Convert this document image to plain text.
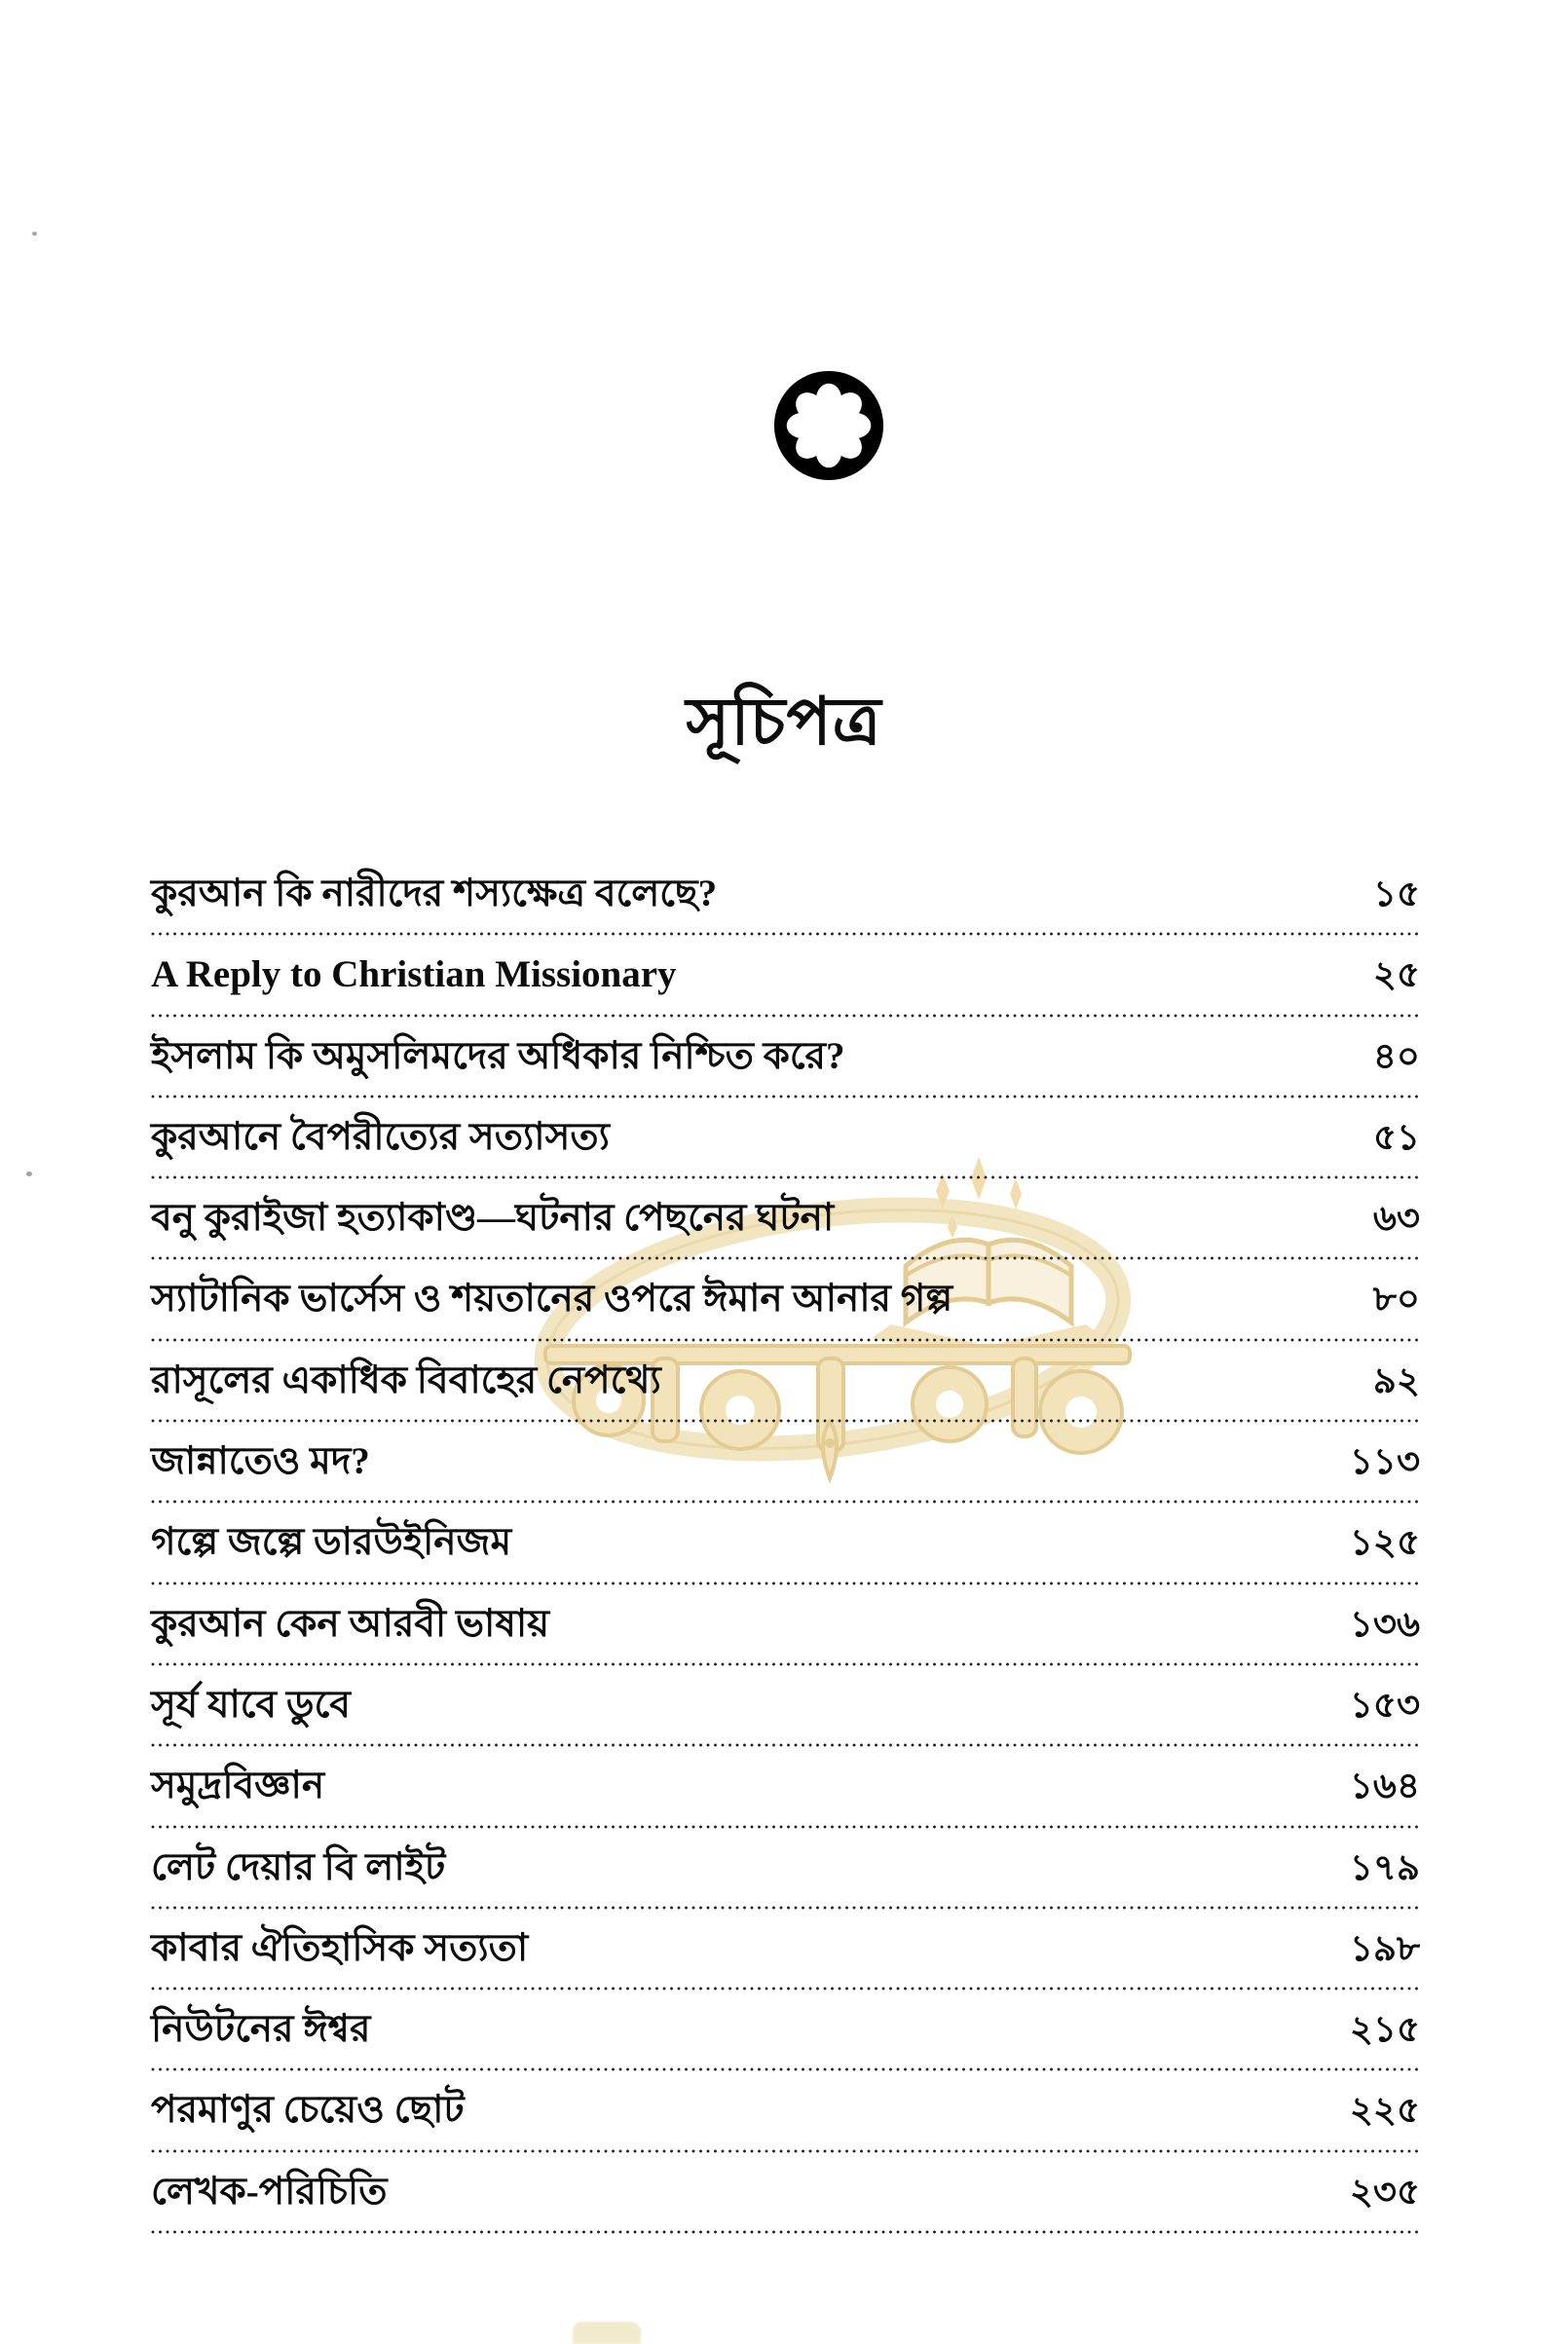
সূচিপত্র
কুরআন কি নারীদের শস্যক্ষেত্র বলেছে?	১৫
A Reply to Christian Missionary	২৫
ইসলাম কি অমুসলিমদের অধিকার নিশ্চিত করে?	৪০
কুরআনে বৈপরীত্যের সত্যাসত্য	৫১
বনু কুরাইজা হত্যাকাণ্ড—ঘটনার পেছনের ঘটনা	৬৩
স্যাটানিক ভার্সেস ও শয়তানের ওপরে ঈমান আনার গল্প	৮০
রাসূলের একাধিক বিবাহের নেপথ্যে	৯২
জান্নাতেও মদ?	১১৩
গল্পে জল্পে ডারউইনিজম	১২৫
কুরআন কেন আরবী ভাষায়	১৩৬
সূর্য যাবে ডুবে	১৫৩
সমুদ্রবিজ্ঞান	১৬৪
লেট দেয়ার বি লাইট	১৭৯
কাবার ঐতিহাসিক সত্যতা	১৯৮
নিউটনের ঈশ্বর	২১৫
পরমাণুর চেয়েও ছোট	২২৫
লেখক-পরিচিতি	২৩৫
